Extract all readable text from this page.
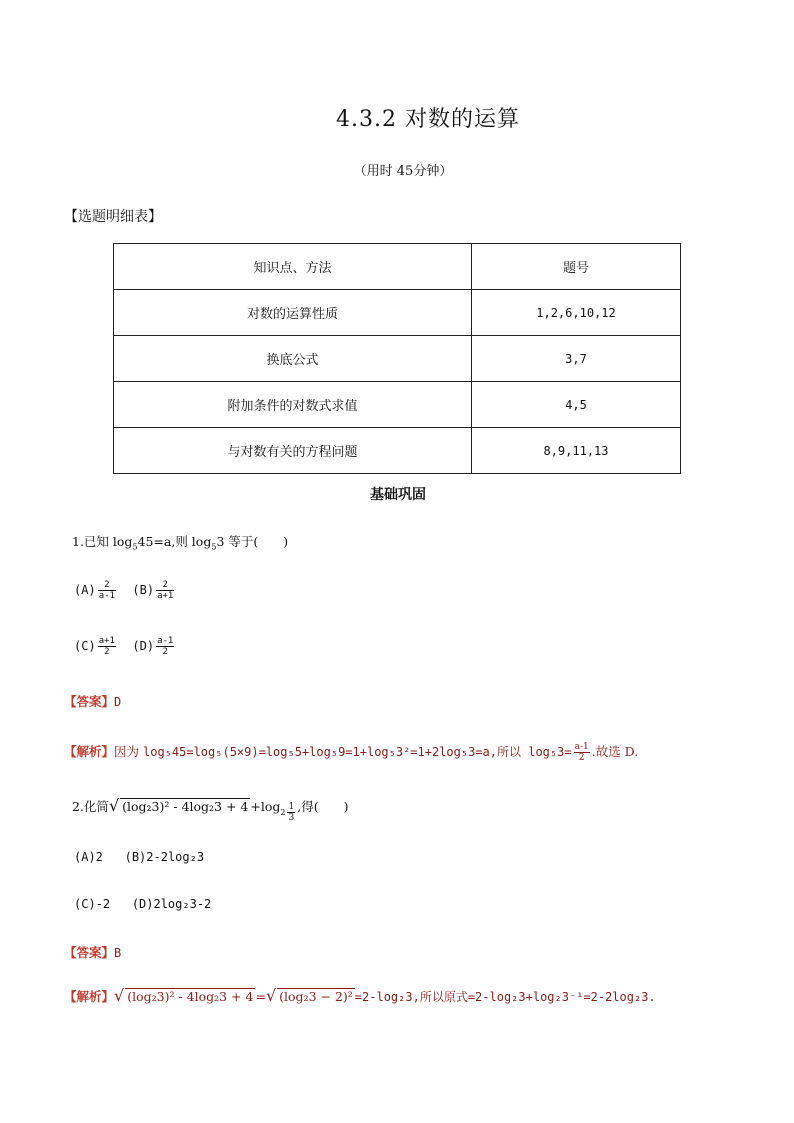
4.3.2 对数的运算
（用时 45分钟）
【选题明细表】
知识点、方法	题号
对数的运算性质	1,2,6,10,12
换底公式	3,7
附加条件的对数式求值	4,5
与对数有关的方程问题	8,9,11,13
基础巩固
1.已知 $\log_545=a$,则 $\log_53$ 等于(　　)
$(A) \frac{2}{a-1} (B) \frac{2}{a+1}$
$(C) \frac{a+1}{2} (D) \frac{a-1}{2}$
【答案】D
【解析】因为 log₅45=log₅(5×9)=log₅5+log₅9=1+log₅3²=1+2log₅3=a,所以 $\log_53= \frac{a-1}{2}$ .故选 D.
2.化简√ $(\log_23)^2 - 4\log_23 + 4 +\log_{2 \frac{1}{3}}$ ,得(　　)
(A)2 (B)2-2log₂3
(C)-2 (D)2log₂3-2
【答案】B
【解析】√ (log₂3)² - 4log₂3 + 4 =√ (log₂3 − 2)² =2-log₂3,所以原式=2-log₂3+log₂3⁻¹=2-2log₂3.
